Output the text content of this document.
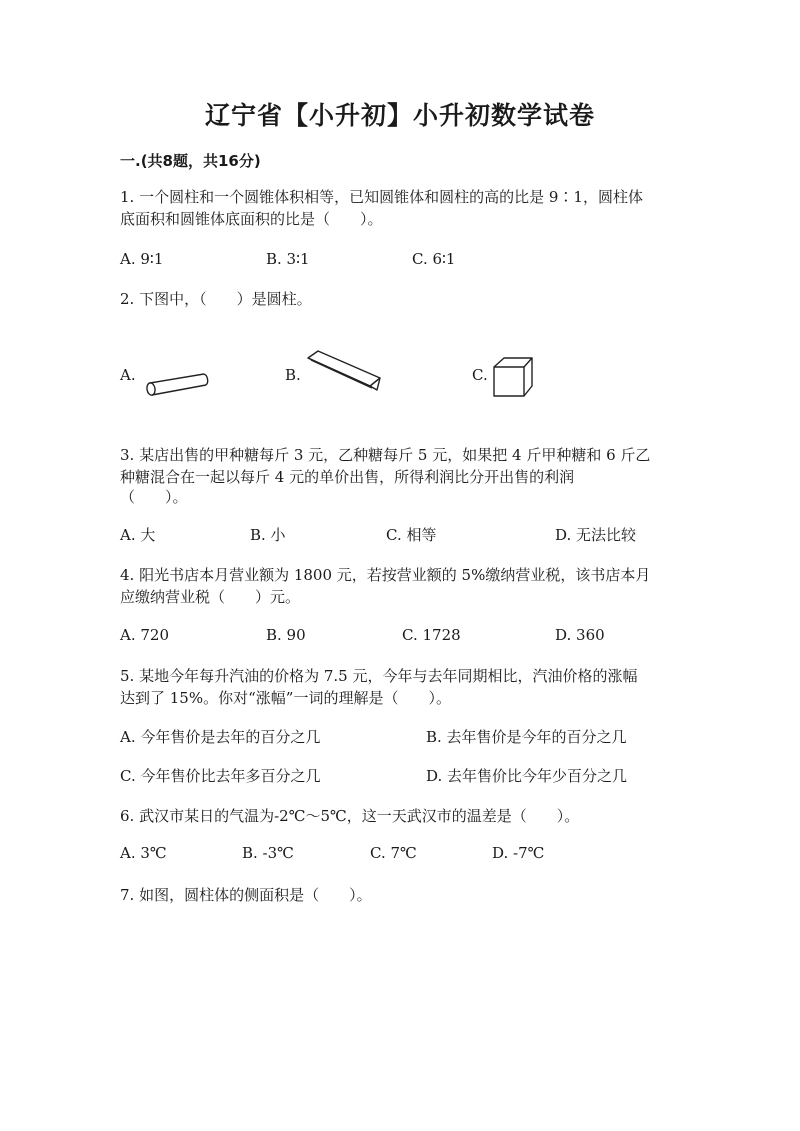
辽宁省【小升初】小升初数学试卷
一.(共8题，共16分)
1. 一个圆柱和一个圆锥体积相等，已知圆锥体和圆柱的高的比是 9∶1，圆柱体
底面积和圆锥体底面积的比是（　　）。
A. 9∶1	B. 3∶1	C. 6∶1
2. 下图中，（　　）是圆柱。
A.	B.	C.
3. 某店出售的甲种糖每斤 3 元，乙种糖每斤 5 元，如果把 4 斤甲种糖和 6 斤乙
种糖混合在一起以每斤 4 元的单价出售，所得利润比分开出售的利润
（　　）。
A. 大	B. 小	C. 相等	D. 无法比较
4. 阳光书店本月营业额为 1800 元，若按营业额的 5%缴纳营业税，该书店本月
应缴纳营业税（　　）元。
A. 720	B. 90	C. 1728	D. 360
5. 某地今年每升汽油的价格为 7.5 元，今年与去年同期相比，汽油价格的涨幅
达到了 15%。你对“涨幅”一词的理解是（　　）。
A. 今年售价是去年的百分之几	B. 去年售价是今年的百分之几
C. 今年售价比去年多百分之几	D. 去年售价比今年少百分之几
6. 武汉市某日的气温为-2℃～5℃，这一天武汉市的温差是（　　）。
A. 3℃	B. -3℃	C. 7℃	D. -7℃
7. 如图，圆柱体的侧面积是（　　）。
